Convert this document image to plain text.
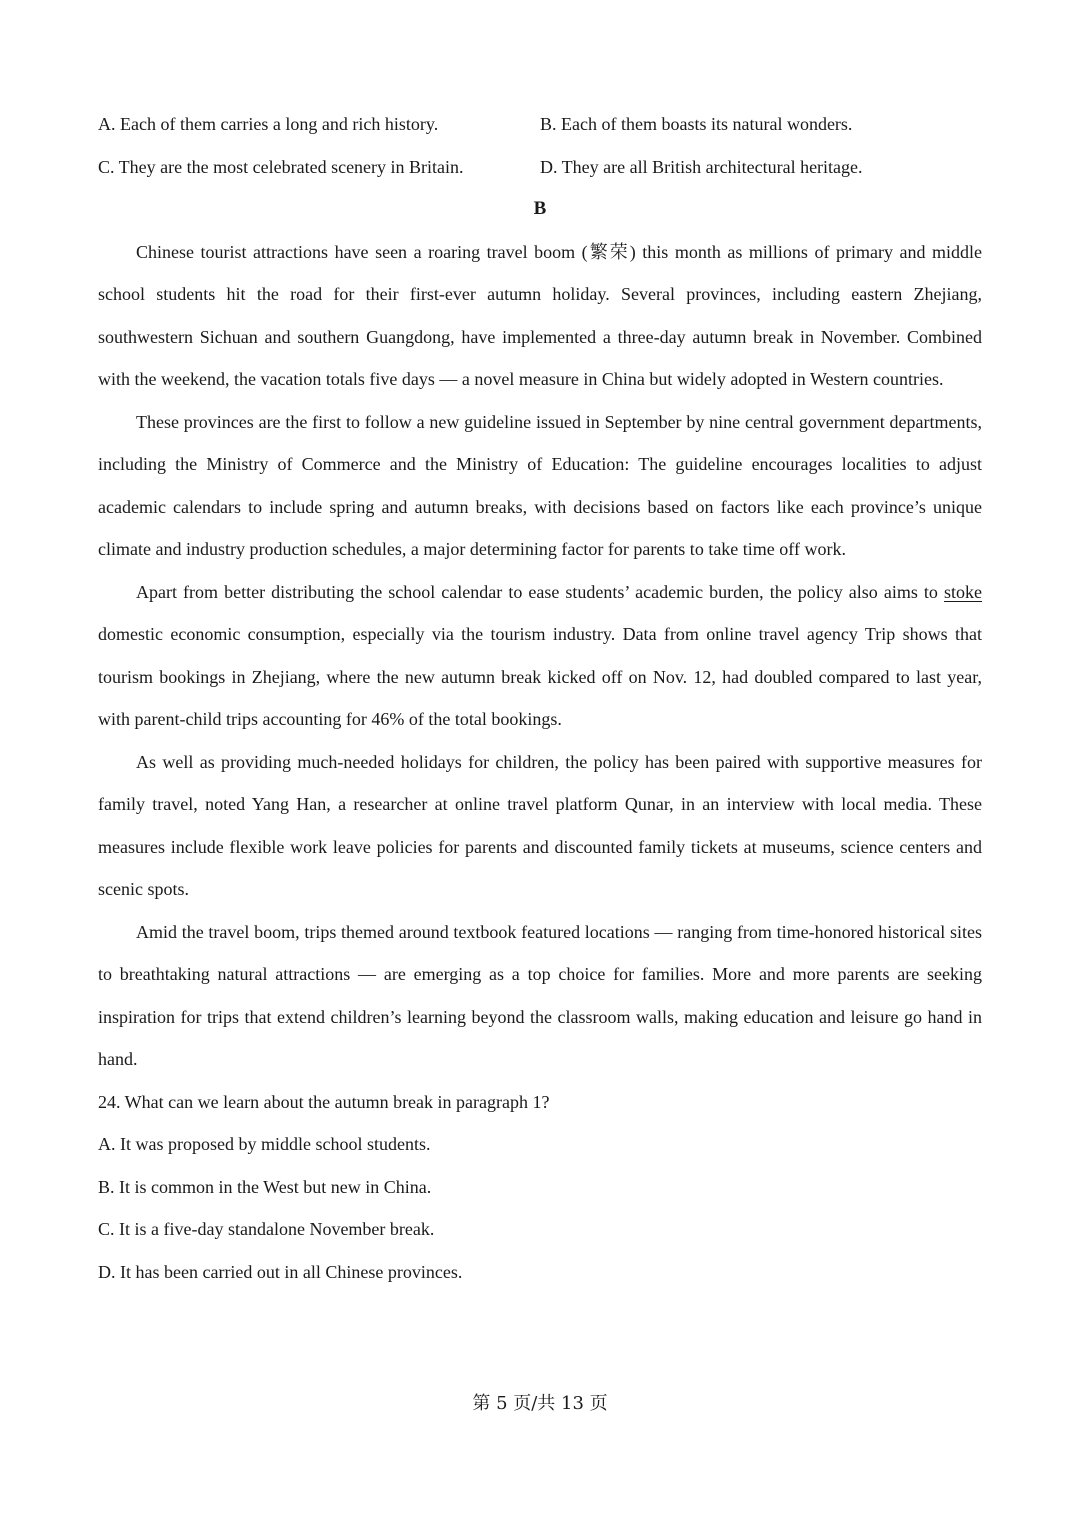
A. Each of them carries a long and rich history.	B. Each of them boasts its natural wonders.
C. They are the most celebrated scenery in Britain.	D. They are all British architectural heritage.
B

Chinese tourist attractions have seen a roaring travel boom (繁荣) this month as millions of primary and middle school students hit the road for their first-ever autumn holiday. Several provinces, including eastern Zhejiang, southwestern Sichuan and southern Guangdong, have implemented a three-day autumn break in November. Combined with the weekend, the vacation totals five days — a novel measure in China but widely adopted in Western countries.

These provinces are the first to follow a new guideline issued in September by nine central government departments, including the Ministry of Commerce and the Ministry of Education: The guideline encourages localities to adjust academic calendars to include spring and autumn breaks, with decisions based on factors like each province’s unique climate and industry production schedules, a major determining factor for parents to take time off work.

Apart from better distributing the school calendar to ease students’ academic burden, the policy also aims to stoke domestic economic consumption, especially via the tourism industry. Data from online travel agency Trip shows that tourism bookings in Zhejiang, where the new autumn break kicked off on Nov. 12, had doubled compared to last year, with parent-child trips accounting for 46% of the total bookings.

As well as providing much-needed holidays for children, the policy has been paired with supportive measures for family travel, noted Yang Han, a researcher at online travel platform Qunar, in an interview with local media. These measures include flexible work leave policies for parents and discounted family tickets at museums, science centers and scenic spots.

Amid the travel boom, trips themed around textbook featured locations — ranging from time-honored historical sites to breathtaking natural attractions — are emerging as a top choice for families. More and more parents are seeking inspiration for trips that extend children’s learning beyond the classroom walls, making education and leisure go hand in hand.

24. What can we learn about the autumn break in paragraph 1?
A. It was proposed by middle school students.
B. It is common in the West but new in China.
C. It is a five-day standalone November break.
D. It has been carried out in all Chinese provinces.
第 5 页/共 13 页
